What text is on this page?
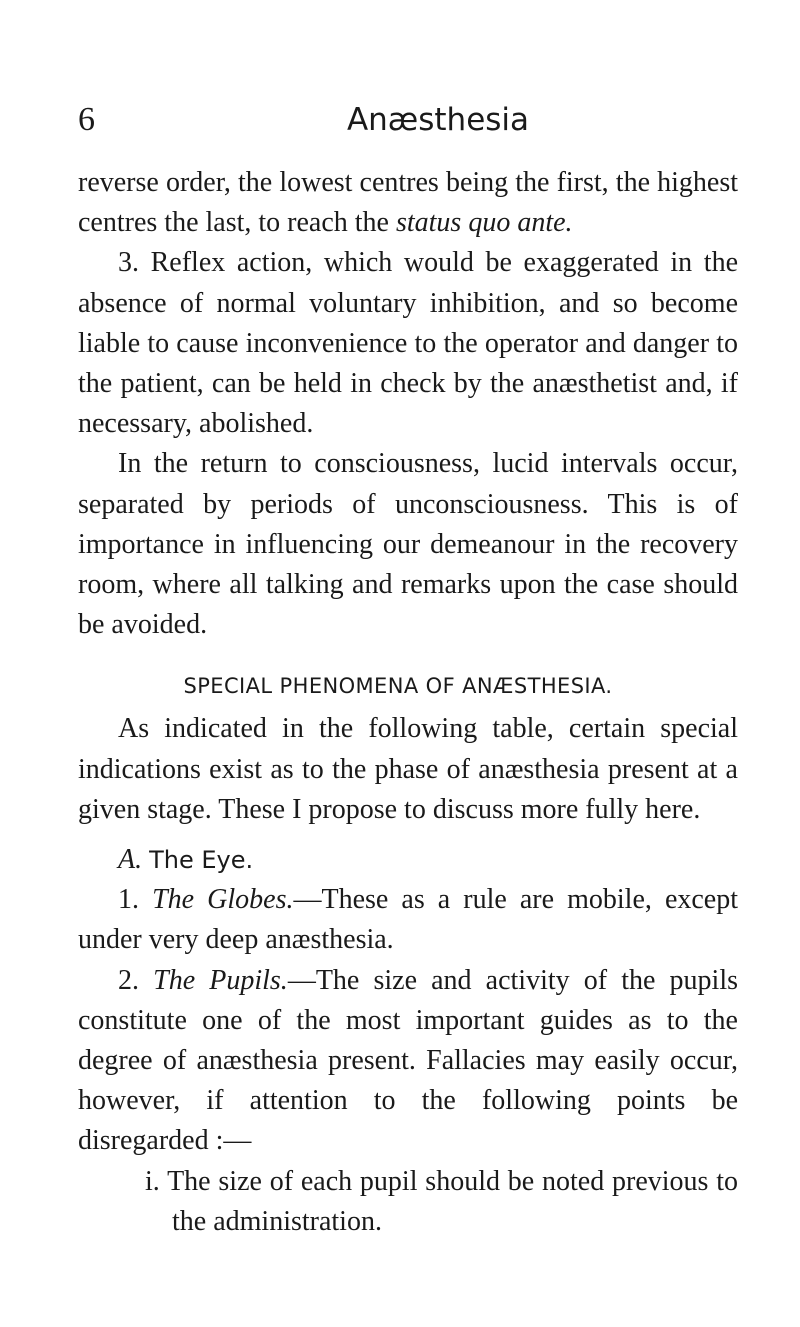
6	Anæsthesia

reverse order, the lowest centres being the first, the highest centres the last, to reach the status quo ante.

3. Reflex action, which would be exaggerated in the absence of normal voluntary inhibition, and so become liable to cause inconvenience to the operator and danger to the patient, can be held in check by the anæsthetist and, if necessary, abolished.

In the return to consciousness, lucid intervals occur, separated by periods of unconsciousness. This is of importance in influencing our demeanour in the recovery room, where all talking and remarks upon the case should be avoided.

SPECIAL PHENOMENA OF ANÆSTHESIA.

As indicated in the following table, certain special indications exist as to the phase of anæsthesia present at a given stage. These I propose to discuss more fully here.

A. The Eye.

1. The Globes.—These as a rule are mobile, except under very deep anæsthesia.

2. The Pupils.—The size and activity of the pupils constitute one of the most important guides as to the degree of anæsthesia present. Fallacies may easily occur, however, if attention to the following points be disregarded :—

i. The size of each pupil should be noted previous to the administration.
